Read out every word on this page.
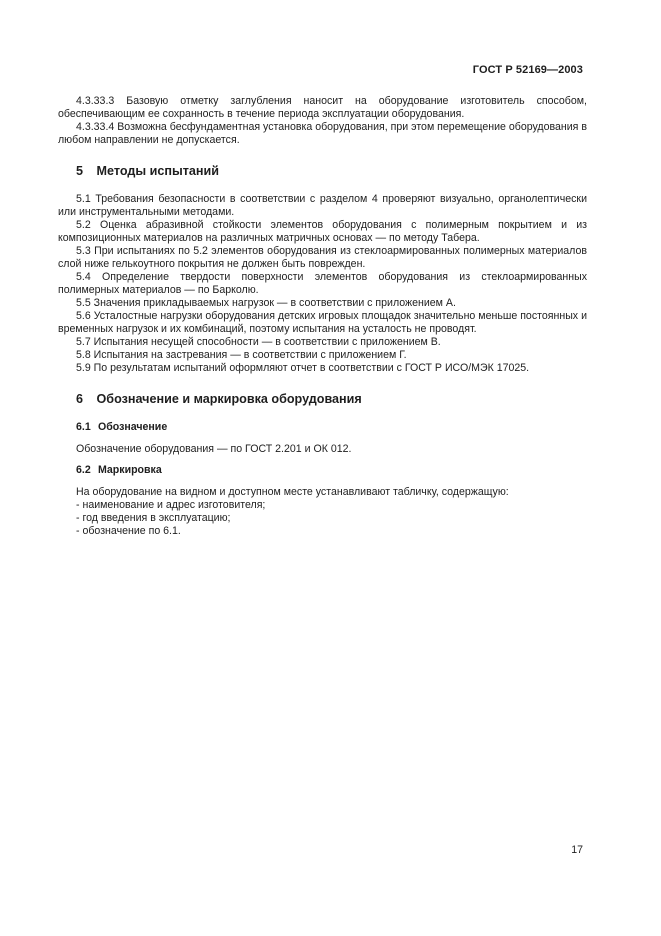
ГОСТ Р 52169—2003

4.3.33.3 Базовую отметку заглубления наносит на оборудование изготовитель способом, обеспечивающим ее сохранность в течение периода эксплуатации оборудования.

4.3.33.4 Возможна бесфундаментная установка оборудования, при этом перемещение оборудования в любом направлении не допускается.

5 Методы испытаний

5.1 Требования безопасности в соответствии с разделом 4 проверяют визуально, органолептически или инструментальными методами.

5.2 Оценка абразивной стойкости элементов оборудования с полимерным покрытием и из композиционных материалов на различных матричных основах — по методу Табера.

5.3 При испытаниях по 5.2 элементов оборудования из стеклоармированных полимерных материалов слой ниже гелькоутного покрытия не должен быть поврежден.

5.4 Определение твердости поверхности элементов оборудования из стеклоармированных полимерных материалов — по Барколю.

5.5 Значения прикладываемых нагрузок — в соответствии с приложением А.

5.6 Усталостные нагрузки оборудования детских игровых площадок значительно меньше постоянных и временных нагрузок и их комбинаций, поэтому испытания на усталость не проводят.

5.7 Испытания несущей способности — в соответствии с приложением В.

5.8 Испытания на застревания — в соответствии с приложением Г.

5.9 По результатам испытаний оформляют отчет в соответствии с ГОСТ Р ИСО/МЭК 17025.

6 Обозначение и маркировка оборудования
6.1 Обозначение

Обозначение оборудования — по ГОСТ 2.201 и ОК 012.

6.2 Маркировка

На оборудование на видном и доступном месте устанавливают табличку, содержащую:

- наименование и адрес изготовителя;
- год введения в эксплуатацию;
- обозначение по 6.1.
17
